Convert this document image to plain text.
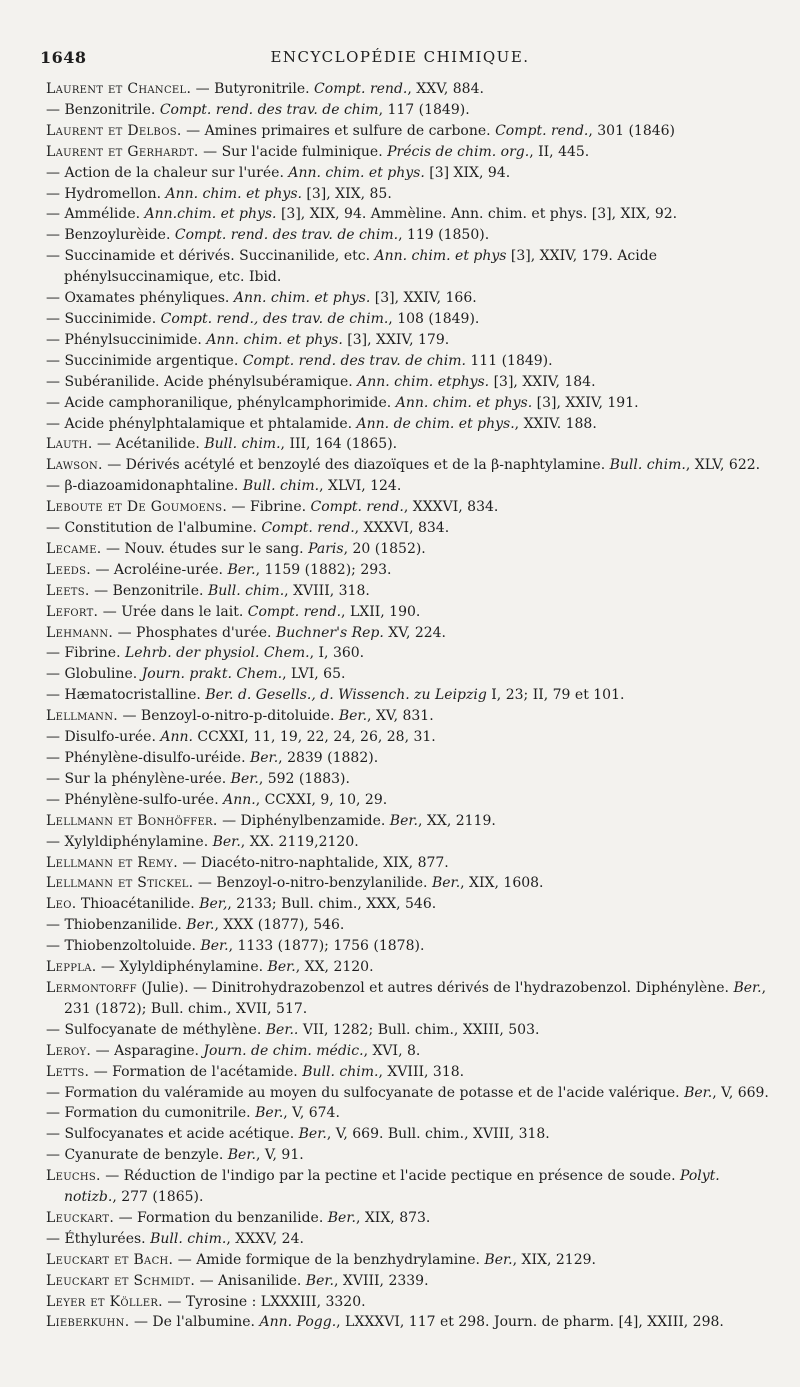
1648	ENCYCLOPÉDIE CHIMIQUE.
Laurent et Chancel. — Butyronitrile. Compt. rend., XXV, 884.
— Benzonitrile. Compt. rend. des trav. de chim, 117 (1849).
Laurent et Delbos. — Amines primaires et sulfure de carbone. Compt. rend., 301 (1846)
Laurent et Gerhardt. — Sur l'acide fulminique. Précis de chim. org., II, 445.
— Action de la chaleur sur l'urée. Ann. chim. et phys. [3] XIX, 94.
— Hydromellon. Ann. chim. et phys. [3], XIX, 85.
— Ammélide. Ann.chim. et phys. [3], XIX, 94. Ammèline. Ann. chim. et phys. [3], XIX, 92.
— Benzoylurèide. Compt. rend. des trav. de chim., 119 (1850).
— Succinamide et dérivés. Succinanilide, etc. Ann. chim. et phys [3], XXIV, 179. Acide phénylsuccinamique, etc. Ibid.
— Oxamates phényliques. Ann. chim. et phys. [3], XXIV, 166.
— Succinimide. Compt. rend., des trav. de chim., 108 (1849).
— Phénylsuccinimide. Ann. chim. et phys. [3], XXIV, 179.
— Succinimide argentique. Compt. rend. des trav. de chim. 111 (1849).
— Subéranilide. Acide phénylsubéramique. Ann. chim. etphys. [3], XXIV, 184.
— Acide camphoranilique, phénylcamphorimide. Ann. chim. et phys. [3], XXIV, 191.
— Acide phénylphtalamique et phtalamide. Ann. de chim. et phys., XXIV. 188.
Lauth. — Acétanilide. Bull. chim., III, 164 (1865).
Lawson. — Dérivés acétylé et benzoylé des diazoïques et de la β-naphtylamine. Bull. chim., XLV, 622.
— β-diazoamidonaphtaline. Bull. chim., XLVI, 124.
Leboute et De Goumoens. — Fibrine. Compt. rend., XXXVI, 834.
— Constitution de l'albumine. Compt. rend., XXXVI, 834.
Lecame. — Nouv. études sur le sang. Paris, 20 (1852).
Leeds. — Acroléine-urée. Ber., 1159 (1882); 293.
Leets. — Benzonitrile. Bull. chim., XVIII, 318.
Lefort. — Urée dans le lait. Compt. rend., LXII, 190.
Lehmann. — Phosphates d'urée. Buchner's Rep. XV, 224.
— Fibrine. Lehrb. der physiol. Chem., I, 360.
— Globuline. Journ. prakt. Chem., LVI, 65.
— Hæmatocristalline. Ber. d. Gesells., d. Wissench. zu Leipzig I, 23; II, 79 et 101.
Lellmann. — Benzoyl-o-nitro-p-ditoluide. Ber., XV, 831.
— Disulfo-urée. Ann. CCXXI, 11, 19, 22, 24, 26, 28, 31.
— Phénylène-disulfo-uréide. Ber., 2839 (1882).
— Sur la phénylène-urée. Ber., 592 (1883).
— Phénylène-sulfo-urée. Ann., CCXXI, 9, 10, 29.
Lellmann et Bonhöffer. — Diphénylbenzamide. Ber., XX, 2119.
— Xylyldiphénylamine. Ber., XX. 2119,2120.
Lellmann et Remy. — Diacéto-nitro-naphtalide, XIX, 877.
Lellmann et Stickel. — Benzoyl-o-nitro-benzylanilide. Ber., XIX, 1608.
Leo. Thioacétanilide. Ber,, 2133; Bull. chim., XXX, 546.
— Thiobenzanilide. Ber., XXX (1877), 546.
— Thiobenzoltoluide. Ber., 1133 (1877); 1756 (1878).
Leppla. — Xylyldiphénylamine. Ber., XX, 2120.
Lermontorff (Julie). — Dinitrohydrazobenzol et autres dérivés de l'hydrazobenzol. Diphénylène. Ber., 231 (1872); Bull. chim., XVII, 517.
— Sulfocyanate de méthylène. Ber.. VII, 1282; Bull. chim., XXIII, 503.
Leroy. — Asparagine. Journ. de chim. médic., XVI, 8.
Letts. — Formation de l'acétamide. Bull. chim., XVIII, 318.
— Formation du valéramide au moyen du sulfocyanate de potasse et de l'acide valérique. Ber., V, 669.
— Formation du cumonitrile. Ber., V, 674.
— Sulfocyanates et acide acétique. Ber., V, 669. Bull. chim., XVIII, 318.
— Cyanurate de benzyle. Ber., V, 91.
Leuchs. — Réduction de l'indigo par la pectine et l'acide pectique en présence de soude. Polyt. notizb., 277 (1865).
Leuckart. — Formation du benzanilide. Ber., XIX, 873.
— Éthylurées. Bull. chim., XXXV, 24.
Leuckart et Bach. — Amide formique de la benzhydrylamine. Ber., XIX, 2129.
Leuckart et Schmidt. — Anisanilide. Ber., XVIII, 2339.
Leyer et Köller. — Tyrosine : LXXXIII, 3320.
Lieberkuhn. — De l'albumine. Ann. Pogg., LXXXVI, 117 et 298. Journ. de pharm. [4], XXIII, 298.
